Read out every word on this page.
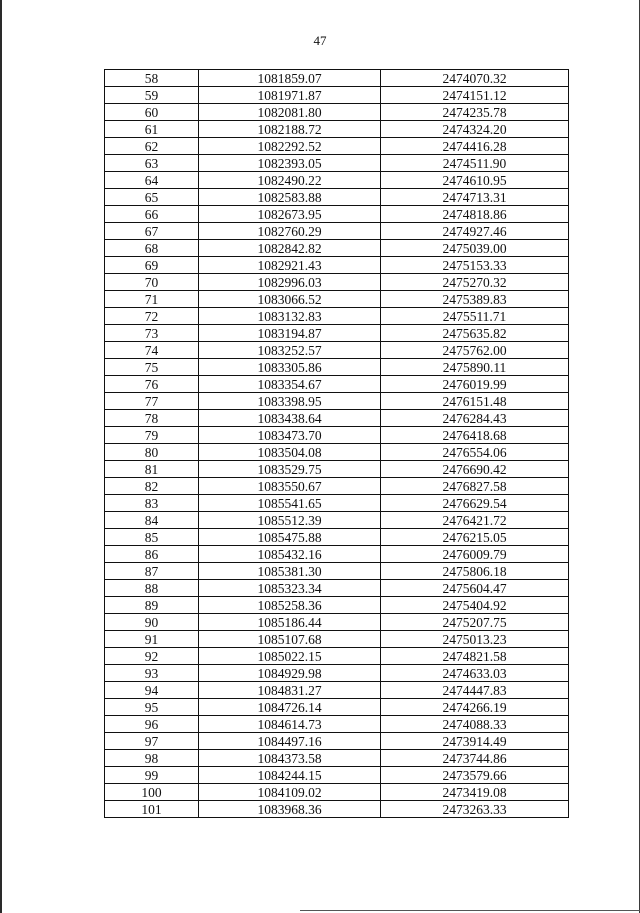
47
58	1081859.07	2474070.32
59	1081971.87	2474151.12
60	1082081.80	2474235.78
61	1082188.72	2474324.20
62	1082292.52	2474416.28
63	1082393.05	2474511.90
64	1082490.22	2474610.95
65	1082583.88	2474713.31
66	1082673.95	2474818.86
67	1082760.29	2474927.46
68	1082842.82	2475039.00
69	1082921.43	2475153.33
70	1082996.03	2475270.32
71	1083066.52	2475389.83
72	1083132.83	2475511.71
73	1083194.87	2475635.82
74	1083252.57	2475762.00
75	1083305.86	2475890.11
76	1083354.67	2476019.99
77	1083398.95	2476151.48
78	1083438.64	2476284.43
79	1083473.70	2476418.68
80	1083504.08	2476554.06
81	1083529.75	2476690.42
82	1083550.67	2476827.58
83	1085541.65	2476629.54
84	1085512.39	2476421.72
85	1085475.88	2476215.05
86	1085432.16	2476009.79
87	1085381.30	2475806.18
88	1085323.34	2475604.47
89	1085258.36	2475404.92
90	1085186.44	2475207.75
91	1085107.68	2475013.23
92	1085022.15	2474821.58
93	1084929.98	2474633.03
94	1084831.27	2474447.83
95	1084726.14	2474266.19
96	1084614.73	2474088.33
97	1084497.16	2473914.49
98	1084373.58	2473744.86
99	1084244.15	2473579.66
100	1084109.02	2473419.08
101	1083968.36	2473263.33
